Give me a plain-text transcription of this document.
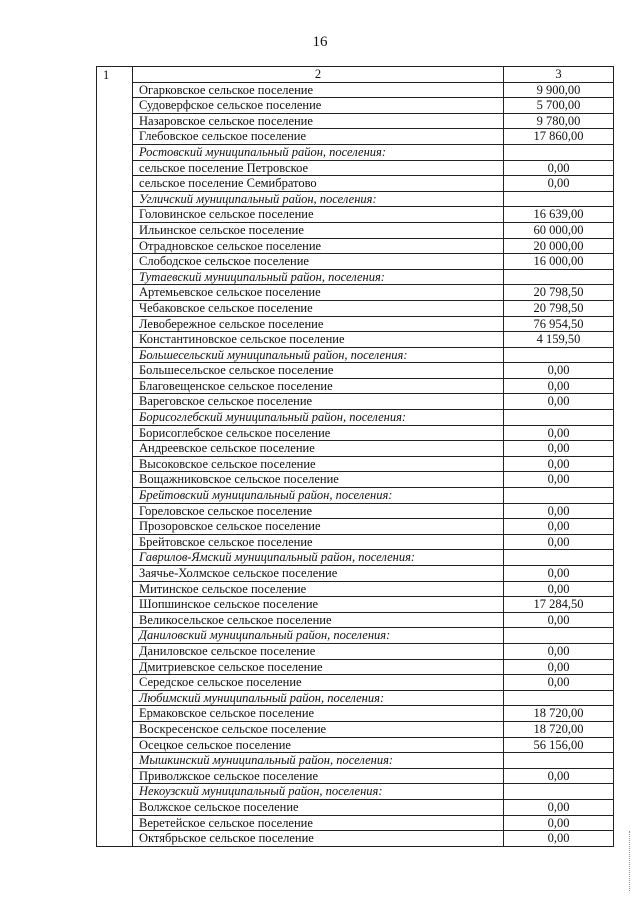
16
1	2	3
	Огарковское сельское поселение	9 900,00
	Судоверфское сельское поселение	5 700,00
	Назаровское сельское поселение	9 780,00
	Глебовское сельское поселение	17 860,00
	Ростовский муниципальный район, поселения:	
	сельское поселение Петровское	0,00
	сельское поселение Семибратово	0,00
	Угличский муниципальный район, поселения:	
	Головинское сельское поселение	16 639,00
	Ильинское сельское поселение	60 000,00
	Отрадновское сельское поселение	20 000,00
	Слободское сельское поселение	16 000,00
	Тутаевский муниципальный район, поселения:	
	Артемьевское сельское поселение	20 798,50
	Чебаковское сельское поселение	20 798,50
	Левобережное сельское поселение	76 954,50
	Константиновское сельское поселение	4 159,50
	Большесельский муниципальный район, поселения:	
	Большесельское сельское поселение	0,00
	Благовещенское сельское поселение	0,00
	Вареговское сельское поселение	0,00
	Борисоглебский муниципальный район, поселения:	
	Борисоглебское сельское поселение	0,00
	Андреевское сельское поселение	0,00
	Высоковское сельское поселение	0,00
	Вощажниковское сельское поселение	0,00
	Брейтовский муниципальный район, поселения:	
	Гореловское сельское поселение	0,00
	Прозоровское сельское поселение	0,00
	Брейтовское сельское поселение	0,00
	Гаврилов-Ямский муниципальный район, поселения:	
	Заячье-Холмское сельское поселение	0,00
	Митинское сельское поселение	0,00
	Шопшинское сельское поселение	17 284,50
	Великосельское сельское поселение	0,00
	Даниловский муниципальный район, поселения:	
	Даниловское сельское поселение	0,00
	Дмитриевское сельское поселение	0,00
	Середское сельское поселение	0,00
	Любимский муниципальный район, поселения:	
	Ермаковское сельское поселение	18 720,00
	Воскресенское сельское поселение	18 720,00
	Осецкое сельское поселение	56 156,00
	Мышкинский муниципальный район, поселения:	
	Приволжское сельское поселение	0,00
	Некоузский муниципальный район, поселения:	
	Волжское сельское поселение	0,00
	Веретейское сельское поселение	0,00
	Октябрьское сельское поселение	0,00
